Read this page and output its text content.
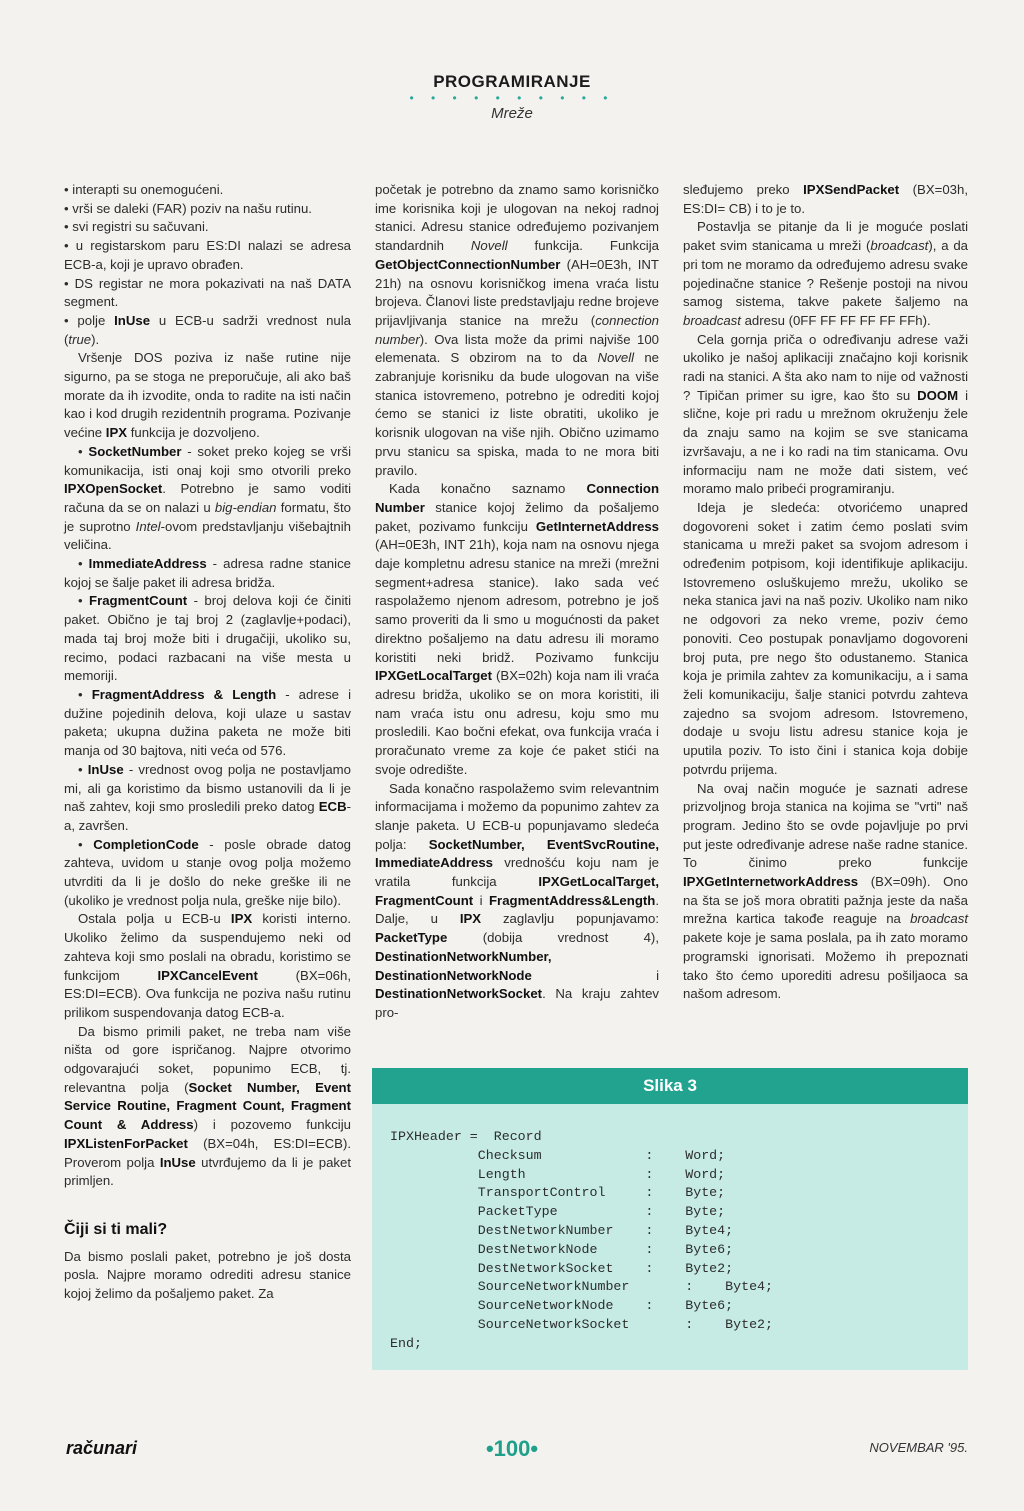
PROGRAMIRANJE
• • • • • • • • • •
Mreže

• interapti su onemogućeni.

• vrši se daleki (FAR) poziv na našu rutinu.

• svi registri su sačuvani.

• u registarskom paru ES:DI nalazi se adresa ECB-a, koji je upravo obrađen.

• DS registar ne mora pokazivati na naš DATA segment.

• polje InUse u ECB-u sadrži vrednost nula (true).

Vršenje DOS poziva iz naše rutine nije sigurno, pa se stoga ne preporučuje, ali ako baš morate da ih izvodite, onda to radite na isti način kao i kod drugih rezidentnih programa. Pozivanje većine IPX funkcija je dozvoljeno.

• SocketNumber - soket preko kojeg se vrši komunikacija, isti onaj koji smo otvorili preko IPXOpenSocket. Potrebno je samo voditi računa da se on nalazi u big-endian formatu, što je suprotno Intel-ovom predstavljanju višebajtnih veličina.

• ImmediateAddress - adresa radne stanice kojoj se šalje paket ili adresa bridža.

• FragmentCount - broj delova koji će činiti paket. Obično je taj broj 2 (zaglavlje+podaci), mada taj broj može biti i drugačiji, ukoliko su, recimo, podaci razbacani na više mesta u memoriji.

• FragmentAddress & Length - adrese i dužine pojedinih delova, koji ulaze u sastav paketa; ukupna dužina paketa ne može biti manja od 30 bajtova, niti veća od 576.

• InUse - vrednost ovog polja ne postavljamo mi, ali ga koristimo da bismo ustanovili da li je naš zahtev, koji smo prosledili preko datog ECB-a, završen.

• CompletionCode - posle obrade datog zahteva, uvidom u stanje ovog polja možemo utvrditi da li je došlo do neke greške ili ne (ukoliko je vrednost polja nula, greške nije bilo).

Ostala polja u ECB-u IPX koristi interno. Ukoliko želimo da suspendujemo neki od zahteva koji smo poslali na obradu, koristimo se funkcijom IPXCancelEvent (BX=06h, ES:DI=ECB). Ova funkcija ne poziva našu rutinu prilikom suspendovanja datog ECB-a.

Da bismo primili paket, ne treba nam više ništa od gore ispričanog. Najpre otvorimo odgovarajući soket, popunimo ECB, tj. relevantna polja (Socket Number, Event Service Routine, Fragment Count, Fragment Count & Address) i pozovemo funkciju IPXListenForPacket (BX=04h, ES:DI=ECB). Proverom polja InUse utvrđujemo da li je paket primljen.

Čiji si ti mali?

Da bismo poslali paket, potrebno je još dosta posla. Najpre moramo odrediti adresu stanice kojoj želimo da pošaljemo paket. Za

početak je potrebno da znamo samo korisničko ime korisnika koji je ulogovan na nekoj radnoj stanici. Adresu stanice određujemo pozivanjem standardnih Novell funkcija. Funkcija GetObjectConnectionNumber (AH=0E3h, INT 21h) na osnovu korisničkog imena vraća listu brojeva. Članovi liste predstavljaju redne brojeve prijavljivanja stanice na mrežu (connection number). Ova lista može da primi najviše 100 elemenata. S obzirom na to da Novell ne zabranjuje korisniku da bude ulogovan na više stanica istovremeno, potrebno je odrediti kojoj ćemo se stanici iz liste obratiti, ukoliko je korisnik ulogovan na više njih. Obično uzimamo prvu stanicu sa spiska, mada to ne mora biti pravilo.

Kada konačno saznamo Connection Number stanice kojoj želimo da pošaljemo paket, pozivamo funkciju GetInternetAddress (AH=0E3h, INT 21h), koja nam na osnovu njega daje kompletnu adresu stanice na mreži (mrežni segment+adresa stanice). Iako sada već raspolažemo njenom adresom, potrebno je još samo proveriti da li smo u mogućnosti da paket direktno pošaljemo na datu adresu ili moramo koristiti neki bridž. Pozivamo funkciju IPXGetLocalTarget (BX=02h) koja nam ili vraća adresu bridža, ukoliko se on mora koristiti, ili nam vraća istu onu adresu, koju smo mu prosledili. Kao bočni efekat, ova funkcija vraća i proračunato vreme za koje će paket stići na svoje odredište.

Sada konačno raspolažemo svim relevantnim informacijama i možemo da popunimo zahtev za slanje paketa. U ECB-u popunjavamo sledeća polja: SocketNumber, EventSvcRoutine, ImmediateAddress vrednošću koju nam je vratila funkcija IPXGetLocalTarget, FragmentCount i FragmentAddress&Length. Dalje, u IPX zaglavlju popunjavamo: PacketType (dobija vrednost 4), DestinationNetworkNumber, DestinationNetworkNode i DestinationNetworkSocket. Na kraju zahtev pro-

sleđujemo preko IPXSendPacket (BX=03h, ES:DI= CB) i to je to.

Postavlja se pitanje da li je moguće poslati paket svim stanicama u mreži (broadcast), a da pri tom ne moramo da određujemo adresu svake pojedinačne stanice ? Rešenje postoji na nivou samog sistema, takve pakete šaljemo na broadcast adresu (0FF FF FF FF FF FFh).

Cela gornja priča o određivanju adrese važi ukoliko je našoj aplikaciji značajno koji korisnik radi na stanici. A šta ako nam to nije od važnosti ? Tipičan primer su igre, kao što su DOOM i slične, koje pri radu u mrežnom okruženju žele da znaju samo na kojim se sve stanicama izvršavaju, a ne i ko radi na tim stanicama. Ovu informaciju nam ne može dati sistem, već moramo malo pribeći programiranju.

Ideja je sledeća: otvorićemo unapred dogovoreni soket i zatim ćemo poslati svim stanicama u mreži paket sa svojom adresom i određenim potpisom, koji identifikuje aplikaciju. Istovremeno osluškujemo mrežu, ukoliko se neka stanica javi na naš poziv. Ukoliko nam niko ne odgovori za neko vreme, poziv ćemo ponoviti. Ceo postupak ponavljamo dogovoreni broj puta, pre nego što odustanemo. Stanica koja je primila zahtev za komunikaciju, a i sama želi komunikaciju, šalje stanici potvrdu zahteva zajedno sa svojom adresom. Istovremeno, dodaje u svoju listu adresu stanice koja je uputila poziv. To isto čini i stanica koja dobije potvrdu prijema.

Na ovaj način moguće je saznati adrese prizvoljnog broja stanica na kojima se "vrti" naš program. Jedino što se ovde pojavljuje po prvi put jeste određivanje adrese naše radne stanice. To činimo preko funkcije IPXGetInternetworkAddress (BX=09h). Ono na šta se još mora obratiti pažnja jeste da naša mrežna kartica takođe reaguje na broadcast pakete koje je sama poslala, pa ih zato moramo programski ignorisati. Možemo ih prepoznati tako što ćemo uporediti adresu pošiljaoca sa našom adresom.

Slika 3
IPXHeader =  Record
Checksum             :    Word;
Length               :    Word;
TransportControl     :    Byte;
PacketType           :    Byte;
DestNetworkNumber    :    Byte4;
DestNetworkNode      :    Byte6;
DestNetworkSocket    :    Byte2;
SourceNetworkNumber       :    Byte4;
SourceNetworkNode    :    Byte6;
SourceNetworkSocket       :    Byte2;
End;
računari	•100•	NOVEMBAR '95.
